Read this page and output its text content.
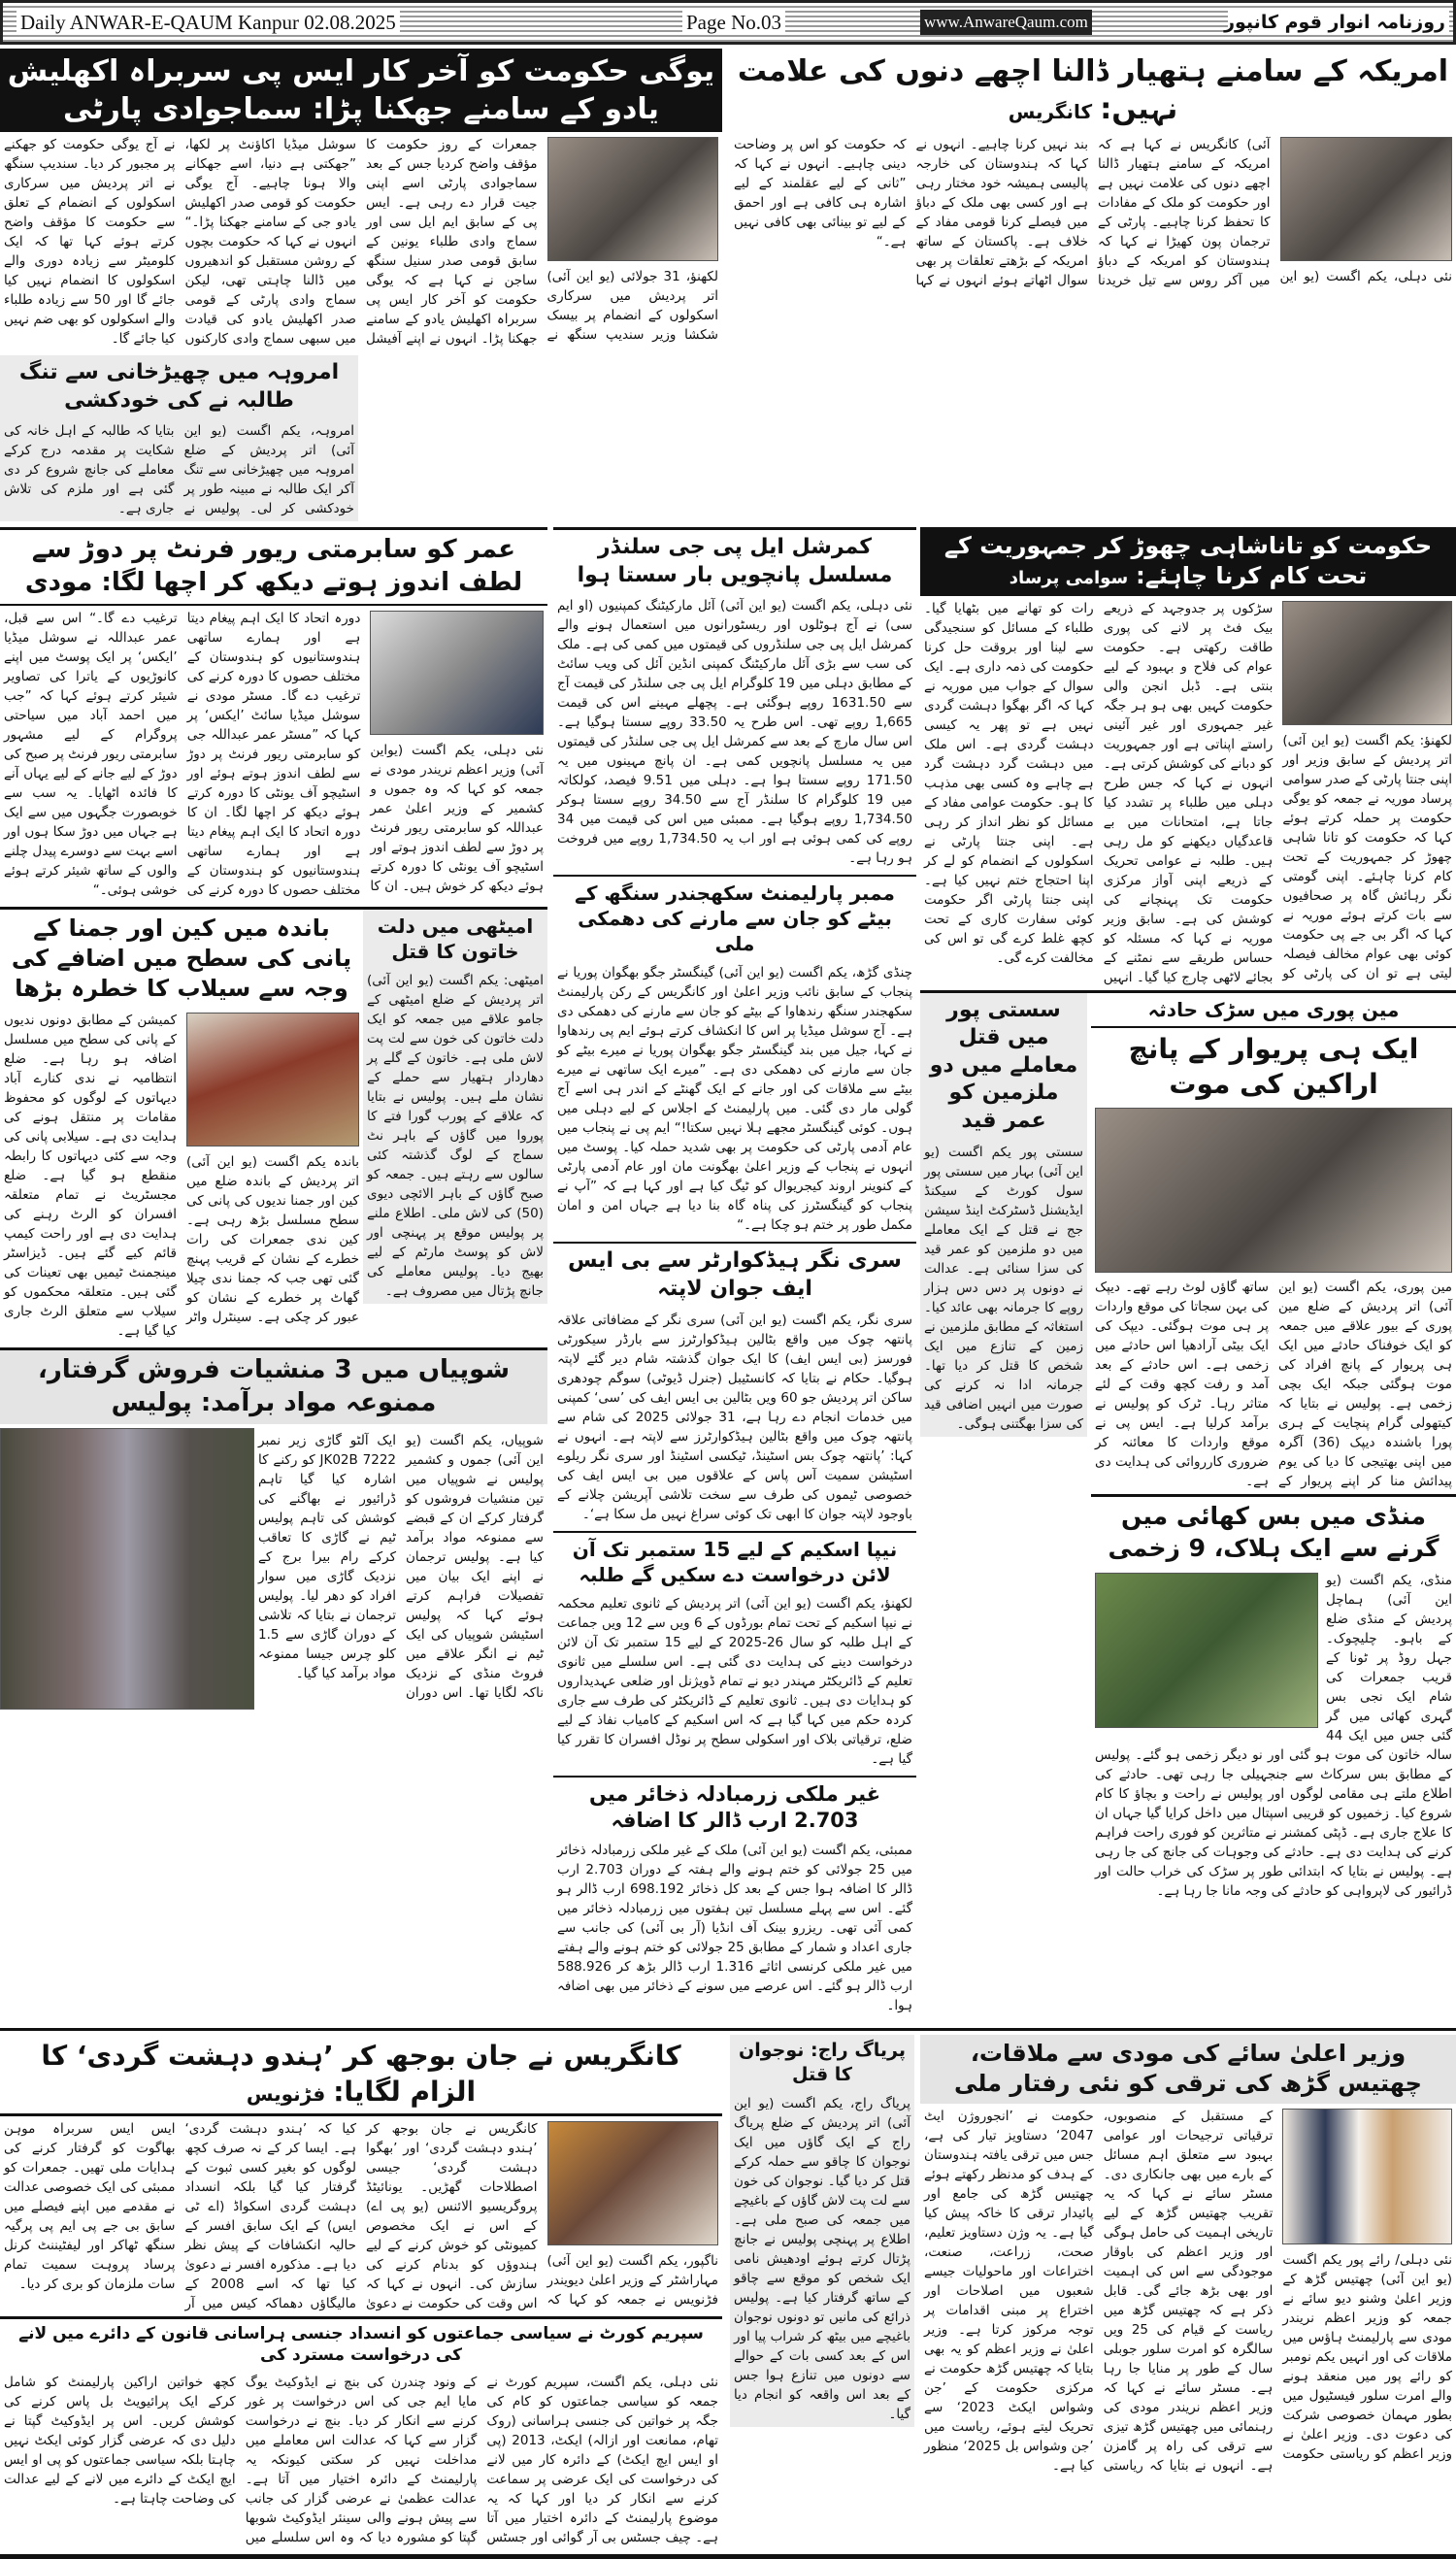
Daily ANWAR-E-QAUM Kanpur 02.08.2025	Page No.03	www.AnwareQaum.com	روزنامہ انوار قوم کانپور
یوگی حکومت کو آخر کار ایس پی سربراہ اکھلیش یادو کے سامنے جھکنا پڑا: سماجوادی پارٹی
لکھنؤ، 31 جولائی (یو این آئی) اتر پردیش میں سرکاری اسکولوں کے انضمام پر بیسک شکشا وزیر سندیپ سنگھ نے جمعرات کے روز حکومت کا مؤقف واضح کردیا جس کے بعد سماجوادی پارٹی اسے اپنی جیت قرار دے رہی ہے۔ ایس پی کے سابق ایم ایل سی اور سماج وادی طلباء یونین کے سابق قومی صدر سنیل سنگھ ساجن نے کہا ہے کہ یوگی حکومت کو آخر کار ایس پی سربراہ اکھلیش یادو کے سامنے جھکنا پڑا۔ انہوں نے اپنے آفیشل سوشل میڈیا اکاؤنٹ پر لکھا، ”جھکتی ہے دنیا، اسے جھکانے والا ہونا چاہیے۔ آج یوگی حکومت کو قومی صدر اکھلیش یادو جی کے سامنے جھکنا پڑا۔“ انہوں نے کہا کہ حکومت بچوں کے روشن مستقبل کو اندھیروں میں ڈالنا چاہتی تھی، لیکن سماج وادی پارٹی کے قومی صدر اکھلیش یادو کی قیادت میں سبھی سماج وادی کارکنوں نے آج یوگی حکومت کو جھکنے پر مجبور کر دیا۔ سندیپ سنگھ نے اتر پردیش میں سرکاری اسکولوں کے انضمام کے تعلق سے حکومت کا مؤقف واضح کرتے ہوئے کہا تھا کہ ایک کلومیٹر سے زیادہ دوری والے اسکولوں کا انضمام نہیں کیا جائے گا اور 50 سے زیادہ طلباء والے اسکولوں کو بھی ضم نہیں کیا جائے گا۔
امروہہ میں چھیڑخانی سے تنگ طالبہ نے کی خودکشی
امروہہ، یکم اگست (یو این آئی) اتر پردیش کے ضلع امروہہ میں چھیڑخانی سے تنگ آکر ایک طالبہ نے مبینہ طور پر خودکشی کر لی۔ پولیس نے بتایا کہ طالبہ کے اہل خانہ کی شکایت پر مقدمہ درج کرکے معاملے کی جانچ شروع کر دی گئی ہے اور ملزم کی تلاش جاری ہے۔
امریکہ کے سامنے ہتھیار ڈالنا اچھے دنوں کی علامت نہیں:کانگریس
نئی دہلی، یکم اگست (یو این آئی) کانگریس نے کہا ہے کہ امریکہ کے سامنے ہتھیار ڈالنا اچھے دنوں کی علامت نہیں ہے اور حکومت کو ملک کے مفادات کا تحفظ کرنا چاہیے۔ پارٹی کے ترجمان پون کھیڑا نے کہا کہ ہندوستان کو امریکہ کے دباؤ میں آکر روس سے تیل خریدنا بند نہیں کرنا چاہیے۔ انہوں نے کہا کہ ہندوستان کی خارجہ پالیسی ہمیشہ خود مختار رہی ہے اور کسی بھی ملک کے دباؤ میں فیصلے کرنا قومی مفاد کے خلاف ہے۔ پاکستان کے ساتھ امریکہ کے بڑھتے تعلقات پر بھی سوال اٹھاتے ہوئے انہوں نے کہا کہ حکومت کو اس پر وضاحت دینی چاہیے۔ انہوں نے کہا کہ ”ثانی کے لیے عقلمند کے لیے اشارہ ہی کافی ہے اور احمق کے لیے تو بینائی بھی کافی نہیں ہے۔“
عمر کو سابرمتی ریور فرنٹ پر دوڑ سے لطف اندوز ہوتے دیکھ کر اچھا لگا: مودی
نئی دہلی، یکم اگست (یواین آئی) وزیر اعظم نریندر مودی نے جمعہ کو کہا کہ وہ جموں و کشمیر کے وزیر اعلیٰ عمر عبداللہ کو سابرمتی ریور فرنٹ پر دوڑ سے لطف اندوز ہوتے اور اسٹیچو آف یونٹی کا دورہ کرتے ہوئے دیکھ کر خوش ہیں۔ ان کا دورہ اتحاد کا ایک اہم پیغام دیتا ہے اور ہمارے ساتھی ہندوستانیوں کو ہندوستان کے مختلف حصوں کا دورہ کرنے کی ترغیب دے گا۔ مسٹر مودی نے سوشل میڈیا سائٹ ’ایکس‘ پر کہا کہ ”مسٹر عمر عبداللہ جی کو سابرمتی ریور فرنٹ پر دوڑ سے لطف اندوز ہوتے ہوئے اور اسٹیچو آف یونٹی کا دورہ کرتے ہوئے دیکھ کر اچھا لگا۔ ان کا دورہ اتحاد کا ایک اہم پیغام دیتا ہے اور ہمارے ساتھی ہندوستانیوں کو ہندوستان کے مختلف حصوں کا دورہ کرنے کی ترغیب دے گا۔“ اس سے قبل، عمر عبداللہ نے سوشل میڈیا ’ایکس‘ پر ایک پوسٹ میں اپنے کانوڑیوں کے یاترا کی تصاویر شیئر کرتے ہوئے کہا کہ ”جب میں احمد آباد میں سیاحتی پروگرام کے لیے مشہور سابرمتی ریور فرنٹ پر صبح کی دوڑ کے لیے جانے کے لیے یہاں آنے کا فائدہ اٹھایا۔ یہ سب سے خوبصورت جگہوں میں سے ایک ہے جہاں میں دوڑ سکا ہوں اور اسے بہت سے دوسرے پیدل چلنے والوں کے ساتھ شیئر کرتے ہوئے خوشی ہوئی۔“
باندہ میں کین اور جمنا کے پانی کی سطح میں اضافے کی وجہ سے سیلاب کا خطرہ بڑھا
باندہ یکم اگست (یو این آئی) اتر پردیش کے باندہ ضلع میں کین اور جمنا ندیوں کی پانی کی سطح مسلسل بڑھ رہی ہے۔ کین ندی جمعرات کی رات خطرے کے نشان کے قریب پہنچ گئی تھی جب کہ جمنا ندی چیلا گھاٹ پر خطرے کے نشان کو عبور کر چکی ہے۔ سینٹرل واٹر کمیشن کے مطابق دونوں ندیوں کے پانی کی سطح میں مسلسل اضافہ ہو رہا ہے۔ ضلع انتظامیہ نے ندی کنارے آباد دیہاتوں کے لوگوں کو محفوظ مقامات پر منتقل ہونے کی ہدایت دی ہے۔ سیلابی پانی کی وجہ سے کئی دیہاتوں کا رابطہ منقطع ہو گیا ہے۔ ضلع مجسٹریٹ نے تمام متعلقہ افسران کو الرٹ رہنے کی ہدایت دی ہے اور راحت کیمپ قائم کیے گئے ہیں۔ ڈیزاسٹر مینجمنٹ ٹیمیں بھی تعینات کی گئی ہیں۔ متعلقہ محکموں کو سیلاب سے متعلق الرٹ جاری کیا گیا ہے۔
امیٹھی میں دلت خاتون کا قتل
امیٹھی: یکم اگست (یو این آئی) اتر پردیش کے ضلع امیٹھی کے جامو علاقے میں جمعہ کو ایک دلت خاتون کی خون سے لت پت لاش ملی ہے۔ خاتون کے گلے پر دھاردار ہتھیار سے حملے کے نشان ملے ہیں۔ پولیس نے بتایا کہ علاقے کے پورب گورا فتے کا پوروا میں گاؤں کے باہر نٹ سماج کے لوگ گذشتہ کئی سالوں سے رہتے ہیں۔ جمعہ کو صبح گاؤں کے باہر الائچی دیوی (50) کی لاش ملی۔ اطلاع ملنے پر پولیس موقع پر پہنچی اور لاش کو پوسٹ مارٹم کے لیے بھیج دیا۔ پولیس معاملے کی جانچ پڑتال میں مصروف ہے۔
شوپیاں میں 3 منشیات فروش گرفتار، ممنوعہ مواد برآمد: پولیس
شوپیاں، یکم اگست (یو این آئی) جموں و کشمیر پولیس نے شوپیاں میں تین منشیات فروشوں کو گرفتار کرکے ان کے قبضے سے ممنوعہ مواد برآمد کیا ہے۔ پولیس ترجمان نے اپنے ایک بیان میں تفصیلات فراہم کرتے ہوئے کہا کہ پولیس اسٹیشن شوپیاں کی ایک ٹیم نے انگر علاقے میں فروٹ منڈی کے نزدیک ناکہ لگایا تھا۔ اس دوران ایک آلٹو گاڑی زیر نمبر JK02B 7222 کو رکنے کا اشارہ کیا گیا تاہم ڈرائیور نے بھاگنے کی کوشش کی تاہم پولیس ٹیم نے گاڑی کا تعاقب کرکے رام بیرا برج کے نزدیک گاڑی میں سوار افراد کو دھر لیا۔ پولیس ترجمان نے بتایا کہ تلاشی کے دوران گاڑی سے 1.5 کلو چرس جیسا ممنوعہ مواد برآمد کیا گیا۔
کمرشل ایل پی جی سلنڈر مسلسل پانچویں بار سستا ہوا
نئی دہلی، یکم اگست (یو این آئی) آئل مارکیٹنگ کمپنیوں (او ایم سی) نے آج ہوٹلوں اور ریسٹورانوں میں استعمال ہونے والے کمرشل ایل پی جی سلنڈروں کی قیمتوں میں کمی کی ہے۔ ملک کی سب سے بڑی آئل مارکیٹنگ کمپنی انڈین آئل کی ویب سائٹ کے مطابق دہلی میں 19 کلوگرام ایل پی جی سلنڈر کی قیمت آج سے 1631.50 روپے ہوگئی ہے۔ پچھلے مہینے اس کی قیمت 1,665 روپے تھی۔ اس طرح یہ 33.50 روپے سستا ہوگیا ہے۔ اس سال مارچ کے بعد سے کمرشل ایل پی جی سلنڈر کی قیمتوں میں یہ مسلسل پانچویں کمی ہے۔ ان پانچ مہینوں میں یہ 171.50 روپے سستا ہوا ہے۔ دہلی میں 9.51 فیصد، کولکاتہ میں 19 کلوگرام کا سلنڈر آج سے 34.50 روپے سستا ہوکر 1,734.50 روپے ہوگیا ہے۔ ممبئی میں اس کی قیمت میں 34 روپے کی کمی ہوئی ہے اور اب یہ 1,734.50 روپے میں فروخت ہو رہا ہے۔
ممبر پارلیمنٹ سکھجندر سنگھ کے بیٹے کو جان سے مارنے کی دھمکی ملی
چنڈی گڑھ، یکم اگست (یو این آئی) گینگسٹر جگو بھگوان پوریا نے پنجاب کے سابق نائب وزیر اعلیٰ اور کانگریس کے رکن پارلیمنٹ سکھجندر سنگھ رندھاوا کے بیٹے کو جان سے مارنے کی دھمکی دی ہے۔ آج سوشل میڈیا پر اس کا انکشاف کرتے ہوئے ایم پی رندھاوا نے کہا، جیل میں بند گینگسٹر جگو بھگوان پوریا نے میرے بیٹے کو جان سے مارنے کی دھمکی دی ہے۔ ”میرے ایک ساتھی نے میرے بیٹے سے ملاقات کی اور جانے کے ایک گھنٹے کے اندر ہی اسے آج گولی مار دی گئی۔ میں پارلیمنٹ کے اجلاس کے لیے دہلی میں ہوں۔ کوئی گینگسٹر مجھے ہلا نہیں سکتا!“ ایم پی نے پنجاب میں عام آدمی پارٹی کی حکومت پر بھی شدید حملہ کیا۔ پوسٹ میں انہوں نے پنجاب کے وزیر اعلیٰ بھگونت مان اور عام آدمی پارٹی کے کنوینر اروند کیجریوال کو ٹیگ کیا ہے اور کہا ہے کہ ”آپ نے پنجاب کو گینگسٹرز کی پناہ گاہ بنا دیا ہے جہاں امن و امان مکمل طور پر ختم ہو چکا ہے۔“
سری نگر ہیڈکوارٹر سے بی ایس ایف جوان لاپتہ
سری نگر، یکم اگست (یو این آئی) سری نگر کے مضافاتی علاقہ پانتھہ چوک میں واقع بٹالین ہیڈکوارٹرز سے بارڈر سیکورٹی فورسز (بی ایس ایف) کا ایک جوان گذشتہ شام دیر گئے لاپتہ ہوگیا۔ حکام نے بتایا کہ کانسٹیبل (جنرل ڈیوٹی) سوگم چودھری ساکن اتر پردیش جو 60 ویں بٹالین بی ایس ایف کی ’سی‘ کمپنی میں خدمات انجام دے رہا ہے، 31 جولائی 2025 کی شام سے پانتھہ چوک میں واقع بٹالین ہیڈکوارٹرز سے لاپتہ ہے۔ انہوں نے کہا: ’پانتھہ چوک بس اسٹینڈ، ٹیکسی اسٹینڈ اور سری نگر ریلوے اسٹیشن سمیت آس پاس کے علاقوں میں بی ایس ایف کی خصوصی ٹیموں کی طرف سے سخت تلاشی آپریشن چلانے کے باوجود لاپتہ جوان کا ابھی تک کوئی سراغ نہیں مل سکا ہے‘۔
نیپا اسکیم کے لیے 15 ستمبر تک آن لائن درخواست دے سکیں گے طلبہ
لکھنؤ، یکم اگست (یو این آئی) اتر پردیش کے ثانوی تعلیم محکمہ نے نیپا اسکیم کے تحت تمام بورڈوں کے 6 ویں سے 12 ویں جماعت کے اہل طلبہ کو سال 26-2025 کے لیے 15 ستمبر تک آن لائن درخواست دینے کی ہدایت دی گئی ہے۔ اس سلسلے میں ثانوی تعلیم کے ڈائریکٹر مہندر دیو نے تمام ڈویژنل اور ضلعی عہدیداروں کو ہدایات دی ہیں۔ ثانوی تعلیم کے ڈائریکٹر کی طرف سے جاری کردہ حکم میں کہا گیا ہے کہ اس اسکیم کے کامیاب نفاذ کے لیے ضلع، ترقیاتی بلاک اور اسکولی سطح پر نوڈل افسران کا تقرر کیا گیا ہے۔
غیر ملکی زرمبادلہ ذخائر میں 2.703 ارب ڈالر کا اضافہ
ممبئی، یکم اگست (یو این آئی) ملک کے غیر ملکی زرمبادلہ ذخائر میں 25 جولائی کو ختم ہونے والے ہفتہ کے دوران 2.703 ارب ڈالر کا اضافہ ہوا جس کے بعد کل ذخائر 698.192 ارب ڈالر ہو گئے۔ اس سے پہلے مسلسل تین ہفتوں میں زرمبادلہ ذخائر میں کمی آئی تھی۔ ریزرو بینک آف انڈیا (آر بی آئی) کی جانب سے جاری اعداد و شمار کے مطابق 25 جولائی کو ختم ہونے والے ہفتے میں غیر ملکی کرنسی اثاثے 1.316 ارب ڈالر بڑھ کر 588.926 ارب ڈالر ہو گئے۔ اس عرصے میں سونے کے ذخائر میں بھی اضافہ ہوا۔
حکومت کو تاناشاہی چھوڑ کر جمہوریت کے تحت کام کرنا چاہئے:سوامی پرساد
لکھنؤ: یکم اگست (یو این آئی) اتر پردیش کے سابق وزیر اور اپنی جنتا پارٹی کے صدر سوامی پرساد موریہ نے جمعہ کو یوگی حکومت پر حملہ کرتے ہوئے کہا کہ حکومت کو تانا شاہی چھوڑ کر جمہوریت کے تحت کام کرنا چاہئے۔ اپنی گومتی نگر رہائش گاہ پر صحافیوں سے بات کرتے ہوئے موریہ نے کہا کہ اگر بی جے پی حکومت کوئی بھی عوام مخالف فیصلہ لیتی ہے تو ان کی پارٹی کو سڑکوں پر جدوجہد کے ذریعے بیک فٹ پر لانے کی پوری طاقت رکھتی ہے۔ حکومت عوام کی فلاح و بہبود کے لیے بنتی ہے۔ ڈبل انجن والی حکومت کہیں بھی ہو ہر جگہ غیر جمہوری اور غیر آئینی راستے اپناتی ہے اور جمہوریت کو دبانے کی کوشش کرتی ہے۔ انہوں نے کہا کہ جس طرح دہلی میں طلباء پر تشدد کیا جاتا ہے، امتحانات میں بے قاعدگیاں دیکھنے کو مل رہی ہیں۔ طلبہ نے عوامی تحریک کے ذریعے اپنی آواز مرکزی حکومت تک پہنچانے کی کوشش کی ہے۔ سابق وزیر موریہ نے کہا کہ مسئلہ کو حساس طریقے سے نمٹنے کے بجائے لاٹھی چارج کیا گیا۔ انہیں رات کو تھانے میں بٹھایا گیا۔ طلباء کے مسائل کو سنجیدگی سے لینا اور بروقت حل کرنا حکومت کی ذمہ داری ہے۔ ایک سوال کے جواب میں موریہ نے کہا کہ اگر بھگوا دہشت گردی نہیں ہے تو پھر یہ کیسی دہشت گردی ہے۔ اس ملک میں دہشت گرد دہشت گرد ہے چاہے وہ کسی بھی مذہب کا ہو۔ حکومت عوامی مفاد کے مسائل کو نظر انداز کر رہی ہے۔ اپنی جنتا پارٹی نے اسکولوں کے انضمام کو لے کر اپنا احتجاج ختم نہیں کیا ہے۔ اپنی جنتا پارٹی اگر حکومت کوئی سفارت کاری کے تحت کچھ غلط کرے گی تو اس کی مخالفت کرے گی۔
سستی پور میں قتل معاملے میں دو ملزمین کو عمر قید
سستی پور یکم اگست (یو این آئی) بہار میں سستی پور سول کورٹ کے سیکنڈ ایڈیشنل ڈسٹرکٹ اینڈ سیشن جج نے قتل کے ایک معاملے میں دو ملزمین کو عمر قید کی سزا سنائی ہے۔ عدالت نے دونوں پر دس دس ہزار روپے کا جرمانہ بھی عائد کیا۔ استغاثہ کے مطابق ملزمین نے زمین کے تنازع میں ایک شخص کا قتل کر دیا تھا۔ جرمانہ ادا نہ کرنے کی صورت میں انہیں اضافی قید کی سزا بھگتنی ہوگی۔
مین پوری میں سڑک حادثہ
ایک ہی پریوار کے پانچ اراکین کی موت
مین پوری، یکم اگست (یو این آئی) اتر پردیش کے ضلع مین پوری کے بیور علاقے میں جمعہ کو ایک خوفناک حادثے میں ایک ہی پریوار کے پانچ افراد کی موت ہوگئی جبکہ ایک بچی زخمی ہے۔ پولیس نے بتایا کہ کیتھولی گرام پنچایت کے ہری پورا باشندہ دیپک (36) آگرہ میں اپنی بھتیجی کا دیا کی یوم پیدائش منا کر اپنے پریوار کے ساتھ گاؤں لوٹ رہے تھے۔ دیپک کی بہن سجاتا کی موقع واردات پر ہی موت ہوگئی۔ دیپک کی ایک بیٹی آرادھیا اس حادثے میں زخمی ہے۔ اس حادثے کے بعد آمد و رفت کچھ وقت کے لئے متاثر رہا۔ ٹرک کو پولیس نے برآمد کرلیا ہے۔ ایس پی نے موقع واردات کا معائنہ کر ضروری کارروائی کی ہدایت دی ہے۔
منڈی میں بس کھائی میں گرنے سے ایک ہلاک، 9 زخمی
منڈی، یکم اگست (یو این آئی) ہماچل پردیش کے منڈی ضلع کے باہو۔ چلیچوک۔ جہل روڈ پر ٹونا کے قریب جمعرات کی شام ایک نجی بس گہری کھائی میں گر گئی جس میں ایک 44 سالہ خاتون کی موت ہو گئی اور نو دیگر زخمی ہو گئے۔ پولیس کے مطابق بس سرکاٹ سے جنجہیلی جا رہی تھی۔ حادثے کی اطلاع ملتے ہی مقامی لوگوں اور پولیس نے راحت و بچاؤ کا کام شروع کیا۔ زخمیوں کو قریبی اسپتال میں داخل کرایا گیا جہاں ان کا علاج جاری ہے۔ ڈپٹی کمشنر نے متاثرین کو فوری راحت فراہم کرنے کی ہدایت دی ہے۔ حادثے کی وجوہات کی جانچ کی جا رہی ہے۔ پولیس نے بتایا کہ ابتدائی طور پر سڑک کی خراب حالت اور ڈرائیور کی لاپرواہی کو حادثے کی وجہ مانا جا رہا ہے۔
کانگریس نے جان بوجھ کر ’ہندو دہشت گردی‘ کا الزام لگایا:فڑنویس
ناگپور، یکم اگست (یو این آئی) مہاراشٹر کے وزیر اعلیٰ دیویندر فڑنویس نے جمعہ کو کہا کہ کانگریس نے جان بوجھ کر ’ہندو دہشت گردی‘ اور ’بھگوا دہشت گردی‘ جیسی اصطلاحات گھڑیں۔ یونائیٹڈ پروگریسیو الائنس (یو پی اے) کے اس نے ایک مخصوص کمیونٹی کو خوش کرنے کے لیے ہندوؤں کو بدنام کرنے کی سازش کی۔ انہوں نے کہا کہ اس وقت کی حکومت نے دعویٰ کیا کہ ’ہندو دہشت گردی‘ ہے۔ ایسا کر کے نہ صرف کچھ لوگوں کو بغیر کسی ثبوت کے گرفتار کیا گیا بلکہ انسداد دہشت گردی اسکواڈ (اے ٹی ایس) کے ایک سابق افسر کے حالیہ انکشافات کے پیش نظر دیا ہے۔ مذکورہ افسر نے دعویٰ کیا تھا کہ اسے 2008 کے مالیگاؤں دھماکہ کیس میں آر ایس ایس سربراہ موہن بھاگوت کو گرفتار کرنے کی ہدایات ملی تھیں۔ جمعرات کو ممبئی کی ایک خصوصی عدالت نے مقدمے میں اپنے فیصلے میں سابق بی جے پی ایم پی پرگیہ سنگھ ٹھاکر اور لیفٹیننٹ کرنل پرساد پروہت سمیت تمام سات ملزمان کو بری کر دیا۔
سپریم کورٹ نے سیاسی جماعتوں کو انسداد جنسی ہراسانی قانون کے دائرے میں لانے کی درخواست مسترد کی
نئی دہلی، یکم اگست، سپریم کورٹ نے جمعہ کو سیاسی جماعتوں کو کام کی جگہ پر خواتین کی جنسی ہراسانی (روک تھام، ممانعت اور ازالہ) ایکٹ، 2013 (پی او ایس ایچ ایکٹ) کے دائرہ کار میں لانے کی درخواست کی ایک عرضی پر سماعت کرنے سے انکار کر دیا اور کہا کہ یہ موضوع پارلیمنٹ کے دائرہ اختیار میں آتا ہے۔ چیف جسٹس بی آر گوائی اور جسٹس کے ونود چندرن کی بنچ نے ایڈوکیٹ یوگ مایا ایم جی کی اس درخواست پر غور کرنے سے انکار کر دیا۔ بنچ نے درخواست گزار سے کہا کہ عدالت اس معاملے میں مداخلت نہیں کر سکتی کیونکہ یہ پارلیمنٹ کے دائرہ اختیار میں آتا ہے۔ عدالت عظمیٰ نے عرضی گزار کی جانب سے پیش ہونے والی سینئر ایڈوکیٹ شوبھا گپتا کو مشورہ دیا کہ وہ اس سلسلے میں کچھ خواتین اراکین پارلیمنٹ کو شامل کرکے ایک پرائیویٹ بل پاس کرنے کی کوشش کریں۔ اس پر ایڈوکیٹ گپتا نے دلیل دی کہ عرضی گزار کوئی ایکٹ نہیں چاہتا بلکہ سیاسی جماعتوں کو پی او ایس ایچ ایکٹ کے دائرے میں لانے کے لیے عدالت کی وضاحت چاہتا ہے۔
پریاگ راج: نوجوان کا قتل
پریاگ راج، یکم اگست (یو این آئی) اتر پردیش کے ضلع پریاگ راج کے ایک گاؤں میں ایک نوجوان کا چاقو سے حملہ کرکے قتل کر دیا گیا۔ نوجوان کی خون سے لت پت لاش گاؤں کے باغیچے میں جمعہ کی صبح ملی ہے۔ اطلاع پر پہنچی پولیس نے جانچ پڑتال کرتے ہوئے اودھیش نامی ایک شخص کو موقع سے چاقو کے ساتھ گرفتار کیا ہے۔ پولیس ذرائع کی مانیں تو دونوں نوجوان باغیچے میں بیٹھ کر شراب پیا اور اس کے بعد کسی بات کے حوالے سے دونوں میں تنازع ہوا جس کے بعد اس واقعہ کو انجام دیا گیا۔
وزیر اعلیٰ سائے کی مودی سے ملاقات، چھتیس گڑھ کی ترقی کو نئی رفتار ملی
نئی دہلی/ رائے پور یکم اگست (یو این آئی) چھتیس گڑھ کے وزیر اعلیٰ وشنو دیو سائے نے جمعہ کو وزیر اعظم نریندر مودی سے پارلیمنٹ ہاؤس میں ملاقات کی اور انہیں یکم نومبر کو رائے پور میں منعقد ہونے والے امرت سلور فیسٹیول میں بطور مہمان خصوصی شرکت کی دعوت دی۔ وزیر اعلیٰ نے وزیر اعظم کو ریاستی حکومت کے مستقبل کے منصوبوں، ترقیاتی ترجیحات اور عوامی بہبود سے متعلق اہم مسائل کے بارے میں بھی جانکاری دی۔ مسٹر سائے نے کہا کہ یہ تقریب چھتیس گڑھ کے لیے تاریخی اہمیت کی حامل ہوگی اور وزیر اعظم کی باوقار موجودگی سے اس کی اہمیت اور بھی بڑھ جائے گی۔ قابل ذکر ہے کہ چھتیس گڑھ میں ریاست کے قیام کی 25 ویں سالگرہ کو امرت سلور جوبلی سال کے طور پر منایا جا رہا ہے۔ مسٹر سائے نے کہا کہ وزیر اعظم نریندر مودی کی رہنمائی میں چھتیس گڑھ تیزی سے ترقی کی راہ پر گامزن ہے۔ انہوں نے بتایا کہ ریاستی حکومت نے ’انجوروژن ایٹ 2047‘ دستاویز تیار کی ہے، جس میں ترقی یافتہ ہندوستان کے ہدف کو مدنظر رکھتے ہوئے چھتیس گڑھ کی جامع اور پائیدار ترقی کا خاکہ پیش کیا گیا ہے۔ یہ وژن دستاویز تعلیم، صحت، زراعت، صنعت، اختراعات اور ماحولیات جیسے شعبوں میں اصلاحات اور اختراع پر مبنی اقدامات پر توجہ مرکوز کرتا ہے۔ وزیر اعلیٰ نے وزیر اعظم کو یہ بھی بتایا کہ چھتیس گڑھ حکومت نے مرکزی حکومت کے ’جن وشواس ایکٹ 2023‘ سے تحریک لیتے ہوئے، ریاست میں ’جن وشواس بل 2025‘ منظور کیا ہے۔
